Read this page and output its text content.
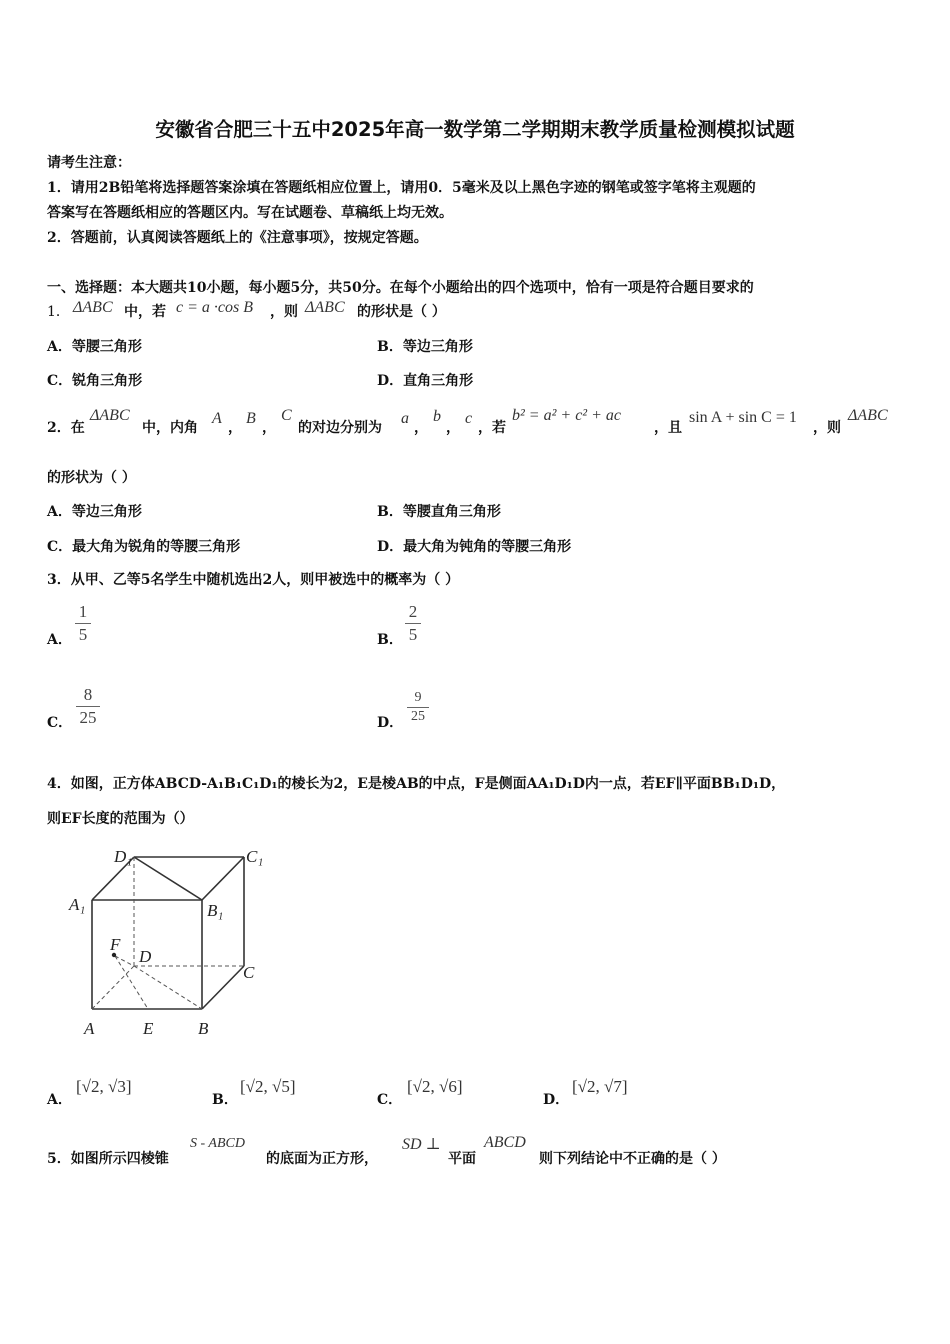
安徽省合肥三十五中2025年高一数学第二学期期末教学质量检测模拟试题
请考生注意：
1．请用2B铅笔将选择题答案涂填在答题纸相应位置上，请用0．5毫米及以上黑色字迹的钢笔或签字笔将主观题的
答案写在答题纸相应的答题区内。写在试题卷、草稿纸上均无效。
2．答题前，认真阅读答题纸上的《注意事项》，按规定答题。
一、选择题：本大题共10小题，每小题5分，共50分。在每个小题给出的四个选项中，恰有一项是符合题目要求的
1． ΔABC 中，若 c = a ·cos B ，则 ΔABC 的形状是（ ）
A．等腰三角形	B．等边三角形
C．锐角三角形	D．直角三角形
2．在
ΔABC
中，内角
A
，
B
，
C
的对边分别为
a
，
b
，
c
，若
b² = a² + c² + ac
，且
sin A + sin C = 1
，则
ΔABC
的形状为（ ）
A．等边三角形	B．等腰直角三角形
C．最大角为锐角的等腰三角形	D．最大角为钝角的等腰三角形
3．从甲、乙等5名学生中随机选出2人，则甲被选中的概率为（ ）
A．
1
5	B．
2
5
C．
8
25	D．
9
25
4．如图，正方体ABCD-A₁B₁C₁D₁的棱长为2，E是棱AB的中点，F是侧面AA₁D₁D内一点，若EF∥平面BB₁D₁D，
则EF长度的范围为（）
D₁	C₁
A₁	B₁
F
D
C
A	E	B
A．
[√2, √3]
B．
[√2, √5]
C．
[√2, √6]
D．
[√2, √7]
5．如图所示四棱锥
S - ABCD
的底面为正方形，
SD ⊥
平面
ABCD
则下列结论中不正确的是（ ）
